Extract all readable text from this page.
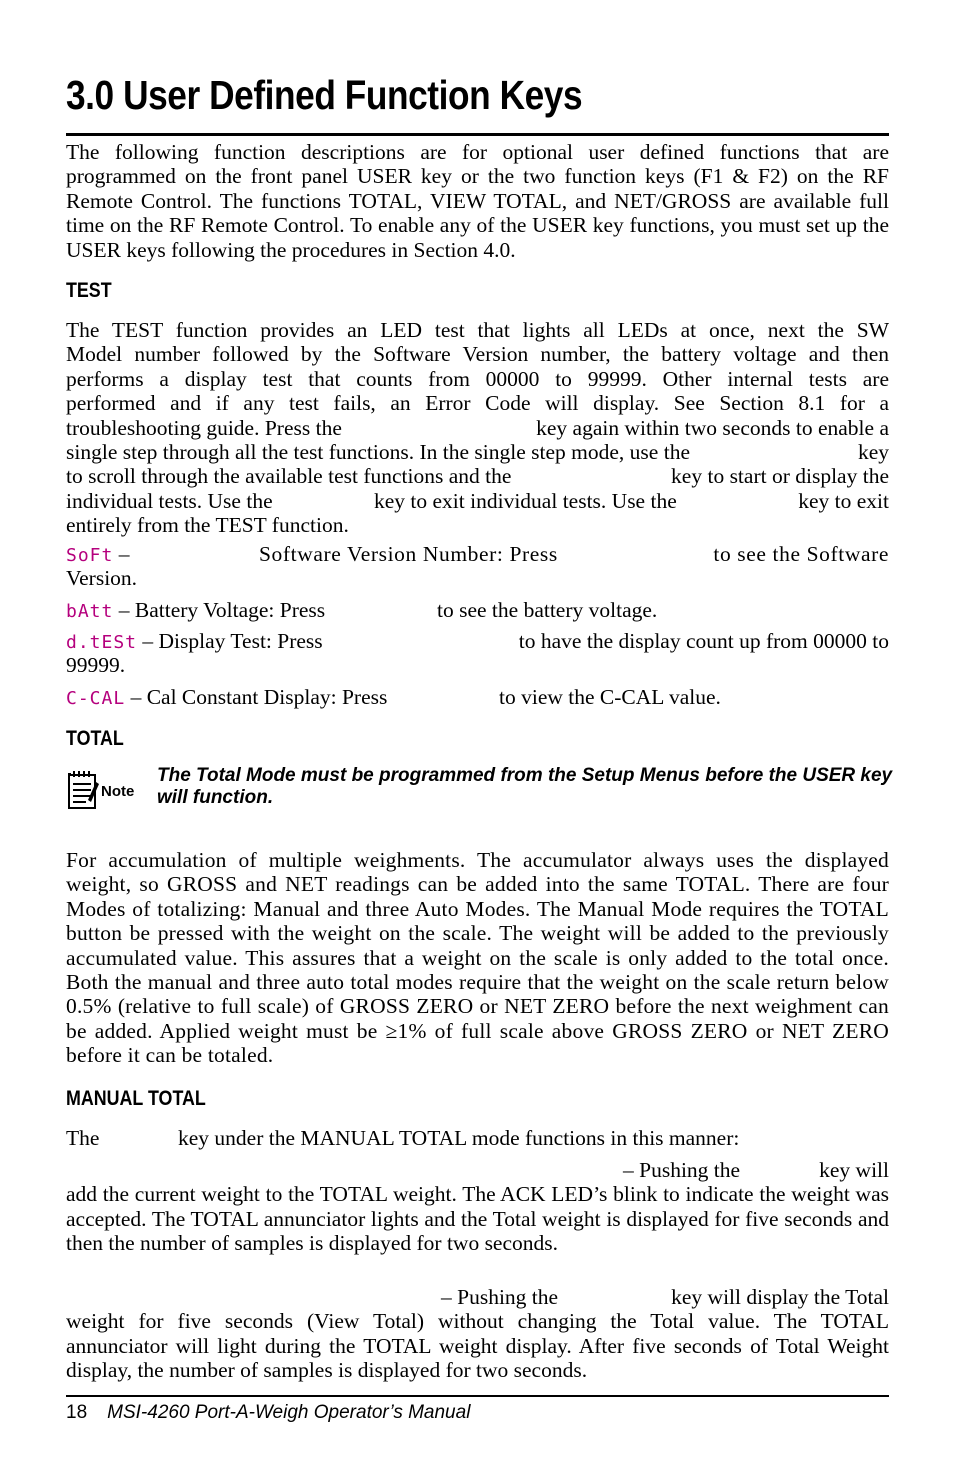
3.0 User Defined Function Keys

The following function descriptions are for optional user defined functions that are programmed on the front panel USER key or the two function keys (F1 & F2) on the RF Remote Control. The functions TOTAL, VIEW TOTAL, and NET/GROSS are available full time on the RF Remote Control. To enable any of the USER key functions, you must set up the USER keys following the procedures in Section 4.0.

TEST
The TEST function provides an LED test that lights all LEDs at once, next the SW
Model number followed by the Software Version number, the battery voltage and then
performs a display test that counts from 00000 to 99999. Other internal tests are
performed and if any test fails, an Error Code will display. See Section 8.1 for a
troubleshooting guide. Press the	key again within two seconds to enable a
single step through all the test functions. In the single step mode, use the	key
to scroll through the available test functions and the	key to start or display the
individual tests. Use the	key to exit individual tests. Use the	key to exit
entirely from the TEST function.
SoFt –	Software Version Number: Press	to see the Software
Version.
bAtt – Battery Voltage: Press	to see the battery voltage.
d.tESt – Display Test: Press	to have the display count up from 00000 to
99999.
C-CAL – Cal Constant Display: Press	to view the C-CAL value.
TOTAL
Note

The Total Mode must be programmed from the Setup Menus before the USER key will function.

For accumulation of multiple weighments. The accumulator always uses the displayed weight, so GROSS and NET readings can be added into the same TOTAL. There are four Modes of totalizing: Manual and three Auto Modes. The Manual Mode requires the TOTAL button be pressed with the weight on the scale. The weight will be added to the previously accumulated value. This assures that a weight on the scale is only added to the total once. Both the manual and three auto total modes require that the weight on the scale return below 0.5% (relative to full scale) of GROSS ZERO or NET ZERO before the next weighment can be added. Applied weight must be ≥1% of full scale above GROSS ZERO or NET ZERO before it can be totaled.

MANUAL TOTAL
The	key under the MANUAL TOTAL mode functions in this manner:
– Pushing the	key will
add the current weight to the TOTAL weight. The ACK LED’s blink to indicate the weight was accepted. The TOTAL annunciator lights and the Total weight is displayed for five seconds and then the number of samples is displayed for two seconds.
– Pushing the	key will display the Total
weight for five seconds (View Total) without changing the Total value. The TOTAL annunciator will light during the TOTAL weight display. After five seconds of Total Weight display, the number of samples is displayed for two seconds.
18 MSI-4260 Port-A-Weigh Operator’s Manual
